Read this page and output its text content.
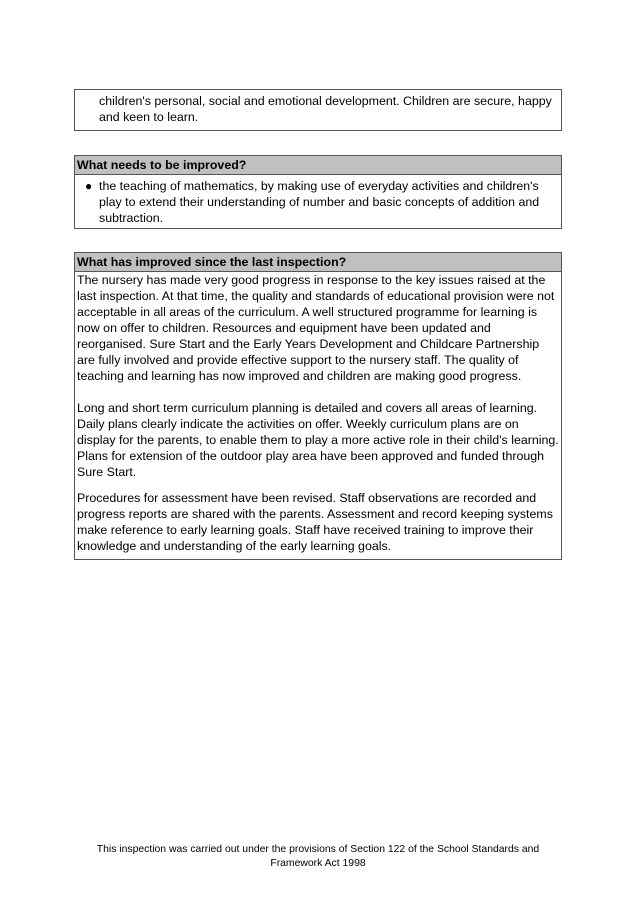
children's personal, social and emotional development. Children are secure, happy and keen to learn.
What needs to be improved?
● the teaching of mathematics, by making use of everyday activities and children's play to extend their understanding of number and basic concepts of addition and subtraction.
What has improved since the last inspection?

The nursery has made very good progress in response to the key issues raised at the last inspection. At that time, the quality and standards of educational provision were not acceptable in all areas of the curriculum. A well structured programme for learning is now on offer to children. Resources and equipment have been updated and reorganised. Sure Start and the Early Years Development and Childcare Partnership are fully involved and provide effective support to the nursery staff. The quality of teaching and learning has now improved and children are making good progress.

Long and short term curriculum planning is detailed and covers all areas of learning. Daily plans clearly indicate the activities on offer. Weekly curriculum plans are on display for the parents, to enable them to play a more active role in their child's learning. Plans for extension of the outdoor play area have been approved and funded through Sure Start.

Procedures for assessment have been revised. Staff observations are recorded and progress reports are shared with the parents. Assessment and record keeping systems make reference to early learning goals. Staff have received training to improve their knowledge and understanding of the early learning goals.

This inspection was carried out under the provisions of Section 122 of the School Standards and Framework Act 1998
